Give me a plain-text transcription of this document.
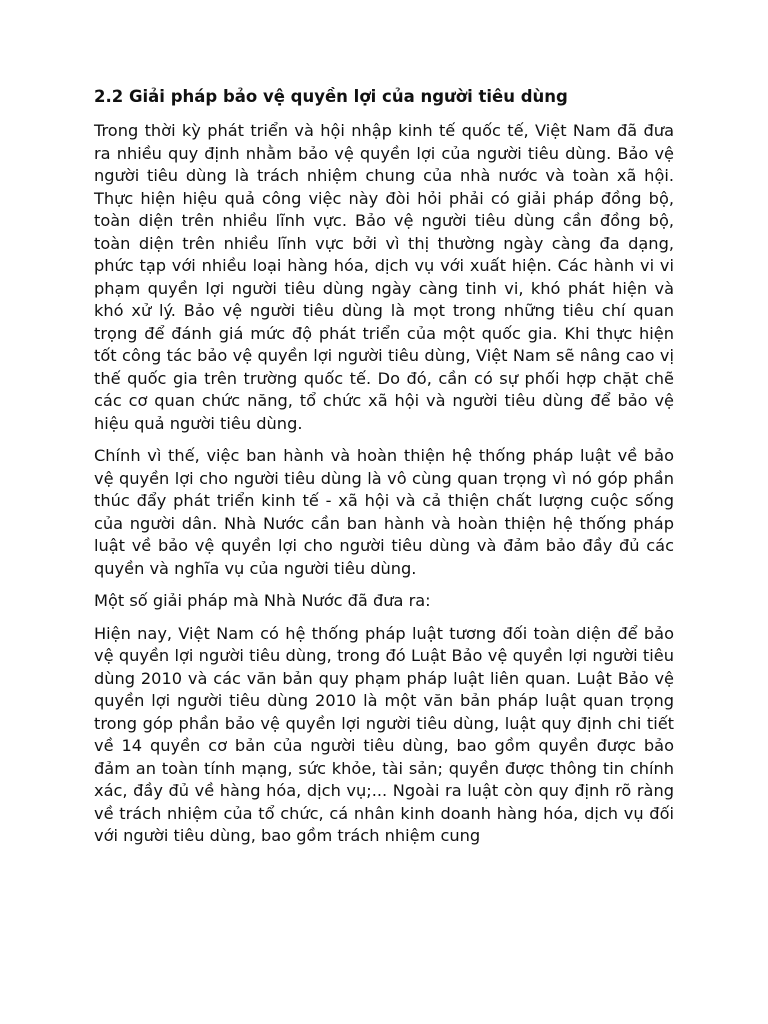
2.2 Giải pháp bảo vệ quyền lợi của người tiêu dùng

Trong thời kỳ phát triển và hội nhập kinh tế quốc tế, Việt Nam đã đưa ra nhiều quy định nhằm bảo vệ quyền lợi của người tiêu dùng. Bảo vệ người tiêu dùng là trách nhiệm chung của nhà nước và toàn xã hội. Thực hiện hiệu quả công việc này đòi hỏi phải có giải pháp đồng bộ, toàn diện trên nhiều lĩnh vực. Bảo vệ người tiêu dùng cần đồng bộ, toàn diện trên nhiều lĩnh vực bởi vì thị thường ngày càng đa dạng, phức tạp với nhiều loại hàng hóa, dịch vụ với xuất hiện. Các hành vi vi phạm quyền lợi người tiêu dùng ngày càng tinh vi, khó phát hiện và khó xử lý. Bảo vệ người tiêu dùng là mọt trong những tiêu chí quan trọng để đánh giá mức độ phát triển của một quốc gia. Khi thực hiện tốt công tác bảo vệ quyền lợi người tiêu dùng, Việt Nam sẽ nâng cao vị thế quốc gia trên trường quốc tế. Do đó, cần có sự phối hợp chặt chẽ các cơ quan chức năng, tổ chức xã hội và người tiêu dùng để bảo vệ hiệu quả người tiêu dùng.

Chính vì thế, việc ban hành và hoàn thiện hệ thống pháp luật về bảo vệ quyền lợi cho người tiêu dùng là vô cùng quan trọng vì nó góp phần thúc đẩy phát triển kinh tế - xã hội và cả thiện chất lượng cuộc sống của người dân. Nhà Nước cần ban hành và hoàn thiện hệ thống pháp luật về bảo vệ quyền lợi cho người tiêu dùng và đảm bảo đầy đủ các quyền và nghĩa vụ của người tiêu dùng.

Một số giải pháp mà Nhà Nước đã đưa ra:

Hiện nay, Việt Nam có hệ thống pháp luật tương đối toàn diện để bảo vệ quyền lợi người tiêu dùng, trong đó Luật Bảo vệ quyền lợi người tiêu dùng 2010 và các văn bản quy phạm pháp luật liên quan. Luật Bảo vệ quyền lợi người tiêu dùng 2010 là một văn bản pháp luật quan trọng trong góp phần bảo vệ quyền lợi người tiêu dùng, luật quy định chi tiết về 14 quyền cơ bản của người tiêu dùng, bao gồm quyền được bảo đảm an toàn tính mạng, sức khỏe, tài sản; quyền được thông tin chính xác, đầy đủ về hàng hóa, dịch vụ;... Ngoài ra luật còn quy định rõ ràng về trách nhiệm của tổ chức, cá nhân kinh doanh hàng hóa, dịch vụ đối với người tiêu dùng, bao gồm trách nhiệm cung
